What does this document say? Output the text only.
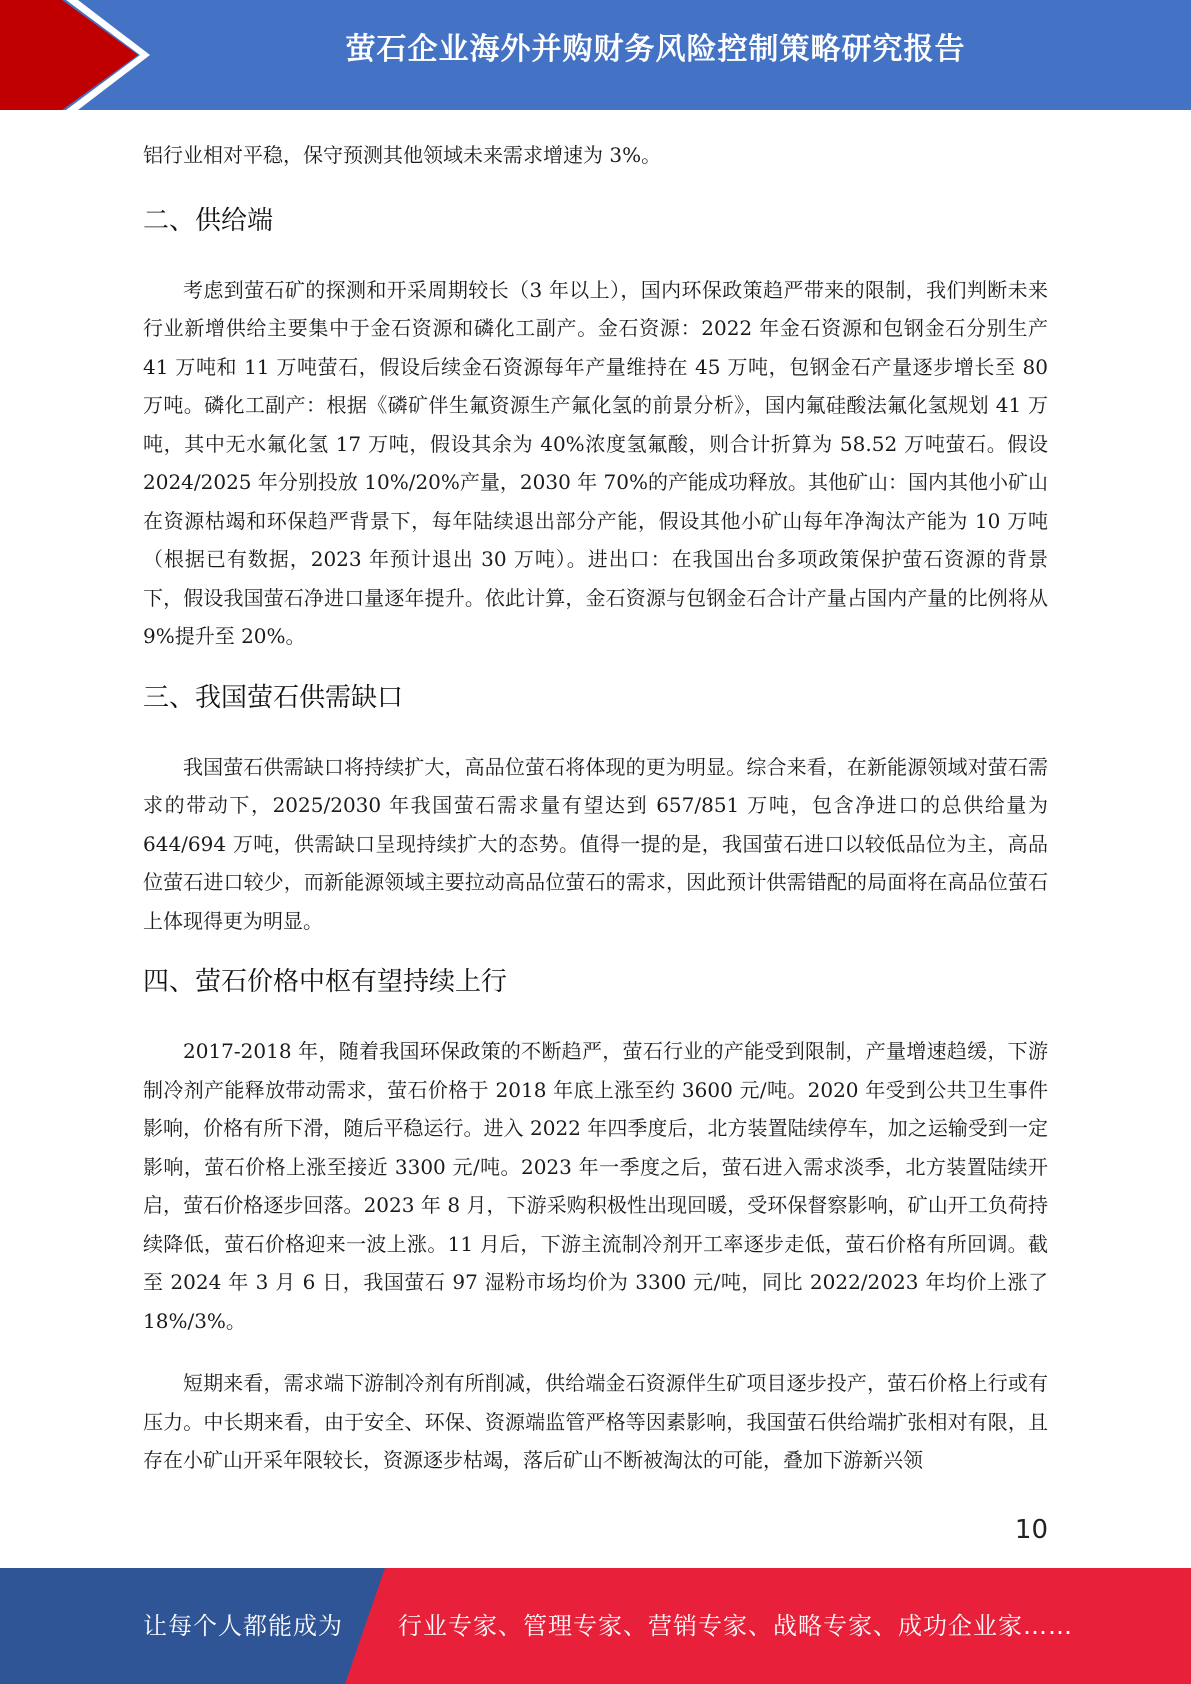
萤石企业海外并购财务风险控制策略研究报告

铝行业相对平稳，保守预测其他领域未来需求增速为 3%。

二、供给端

考虑到萤石矿的探测和开采周期较长（3 年以上），国内环保政策趋严带来的限制，我们判断未来行业新增供给主要集中于金石资源和磷化工副产。金石资源：2022 年金石资源和包钢金石分别生产 41 万吨和 11 万吨萤石，假设后续金石资源每年产量维持在 45 万吨，包钢金石产量逐步增长至 80 万吨。磷化工副产：根据《磷矿伴生氟资源生产氟化氢的前景分析》，国内氟硅酸法氟化氢规划 41 万吨，其中无水氟化氢 17 万吨，假设其余为 40%浓度氢氟酸，则合计折算为 58.52 万吨萤石。假设 2024/2025 年分别投放 10%/20%产量，2030 年 70%的产能成功释放。其他矿山：国内其他小矿山在资源枯竭和环保趋严背景下，每年陆续退出部分产能，假设其他小矿山每年净淘汰产能为 10 万吨（根据已有数据，2023 年预计退出 30 万吨）。进出口：在我国出台多项政策保护萤石资源的背景下，假设我国萤石净进口量逐年提升。依此计算，金石资源与包钢金石合计产量占国内产量的比例将从 9%提升至 20%。

三、我国萤石供需缺口

我国萤石供需缺口将持续扩大，高品位萤石将体现的更为明显。综合来看，在新能源领域对萤石需求的带动下，2025/2030 年我国萤石需求量有望达到 657/851 万吨，包含净进口的总供给量为 644/694 万吨，供需缺口呈现持续扩大的态势。值得一提的是，我国萤石进口以较低品位为主，高品位萤石进口较少，而新能源领域主要拉动高品位萤石的需求，因此预计供需错配的局面将在高品位萤石上体现得更为明显。

四、萤石价格中枢有望持续上行

2017-2018 年，随着我国环保政策的不断趋严，萤石行业的产能受到限制，产量增速趋缓，下游制冷剂产能释放带动需求，萤石价格于 2018 年底上涨至约 3600 元/吨。2020 年受到公共卫生事件影响，价格有所下滑，随后平稳运行。进入 2022 年四季度后，北方装置陆续停车，加之运输受到一定影响，萤石价格上涨至接近 3300 元/吨。2023 年一季度之后，萤石进入需求淡季，北方装置陆续开启，萤石价格逐步回落。2023 年 8 月，下游采购积极性出现回暖，受环保督察影响，矿山开工负荷持续降低，萤石价格迎来一波上涨。11 月后，下游主流制冷剂开工率逐步走低，萤石价格有所回调。截至 2024 年 3 月 6 日，我国萤石 97 湿粉市场均价为 3300 元/吨，同比 2022/2023 年均价上涨了 18%/3%。

短期来看，需求端下游制冷剂有所削减，供给端金石资源伴生矿项目逐步投产，萤石价格上行或有压力。中长期来看，由于安全、环保、资源端监管严格等因素影响，我国萤石供给端扩张相对有限，且存在小矿山开采年限较长，资源逐步枯竭，落后矿山不断被淘汰的可能，叠加下游新兴领

10
让每个人都能成为 行业专家、管理专家、营销专家、战略专家、成功企业家……
